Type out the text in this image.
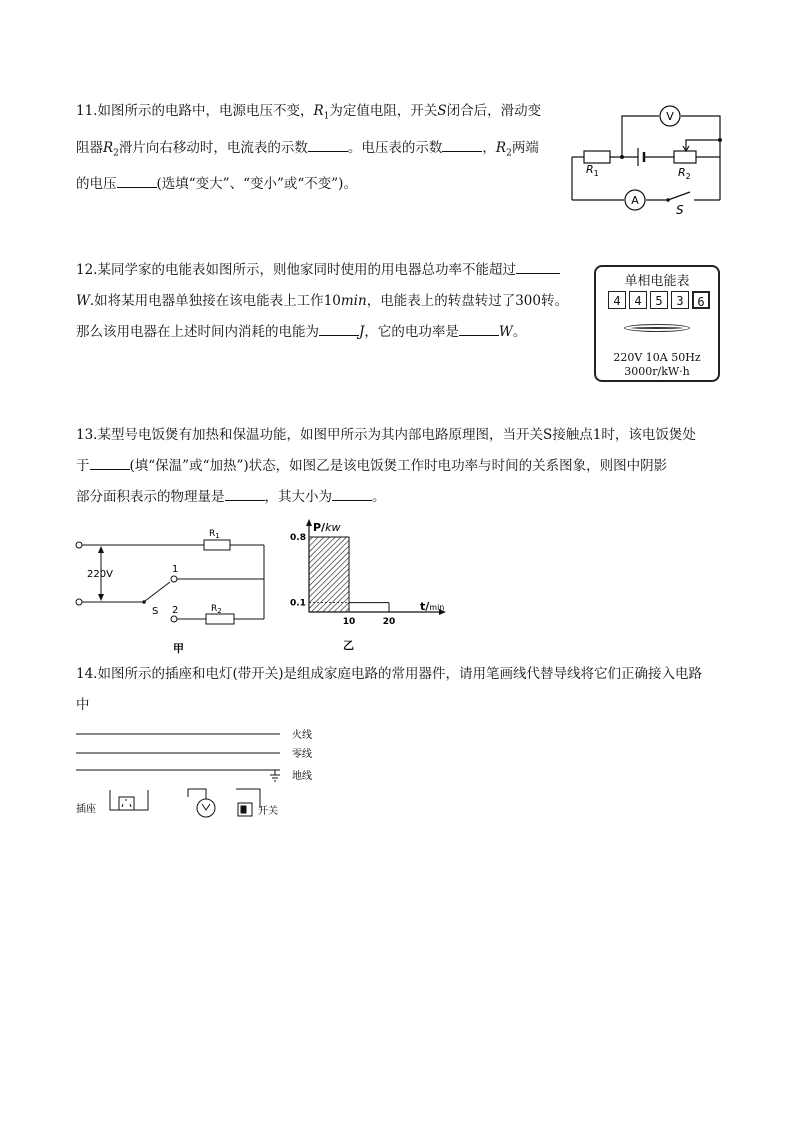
11.如图所示的电路中，电源电压不变，$R_1$为定值电阻，开关S闭合后，滑动变
阻器$R_2$滑片向右移动时，电流表的示数	。电压表的示数	，$R_2$两端
的电压	(选填“变大”、“变小”或“不变”)。
V
A
$R_1$	$R_2$
S
12.某同学家的电能表如图所示，则他家同时使用的用电器总功率不能超过
W.如将某用电器单独接在该电能表上工作10min，电能表上的转盘转过了300转。
那么该用电器在上述时间内消耗的电能为	J，它的电功率是	W。
单相电能表
4	4	5	3	6
220V 10A 50Hz
3000r/kW·h
13.某型号电饭煲有加热和保温功能，如图甲所示为其内部电路原理图，当开关S接触点1时，该电饭煲处
于	(填“保温”或“加热”)状态，如图乙是该电饭煲工作时电功率与时间的关系图象，则图中阴影
部分面积表示的物理量是	，其大小为	。
220V
$R_1$
$R_2$
1
2
S
甲
0.8
0.1
10	20
P/kw
t/min
乙
14.如图所示的插座和电灯(带开关)是组成家庭电路的常用器件，请用笔画线代替导线将它们正确接入电路
中
火线
零线
地线
插座	开关
